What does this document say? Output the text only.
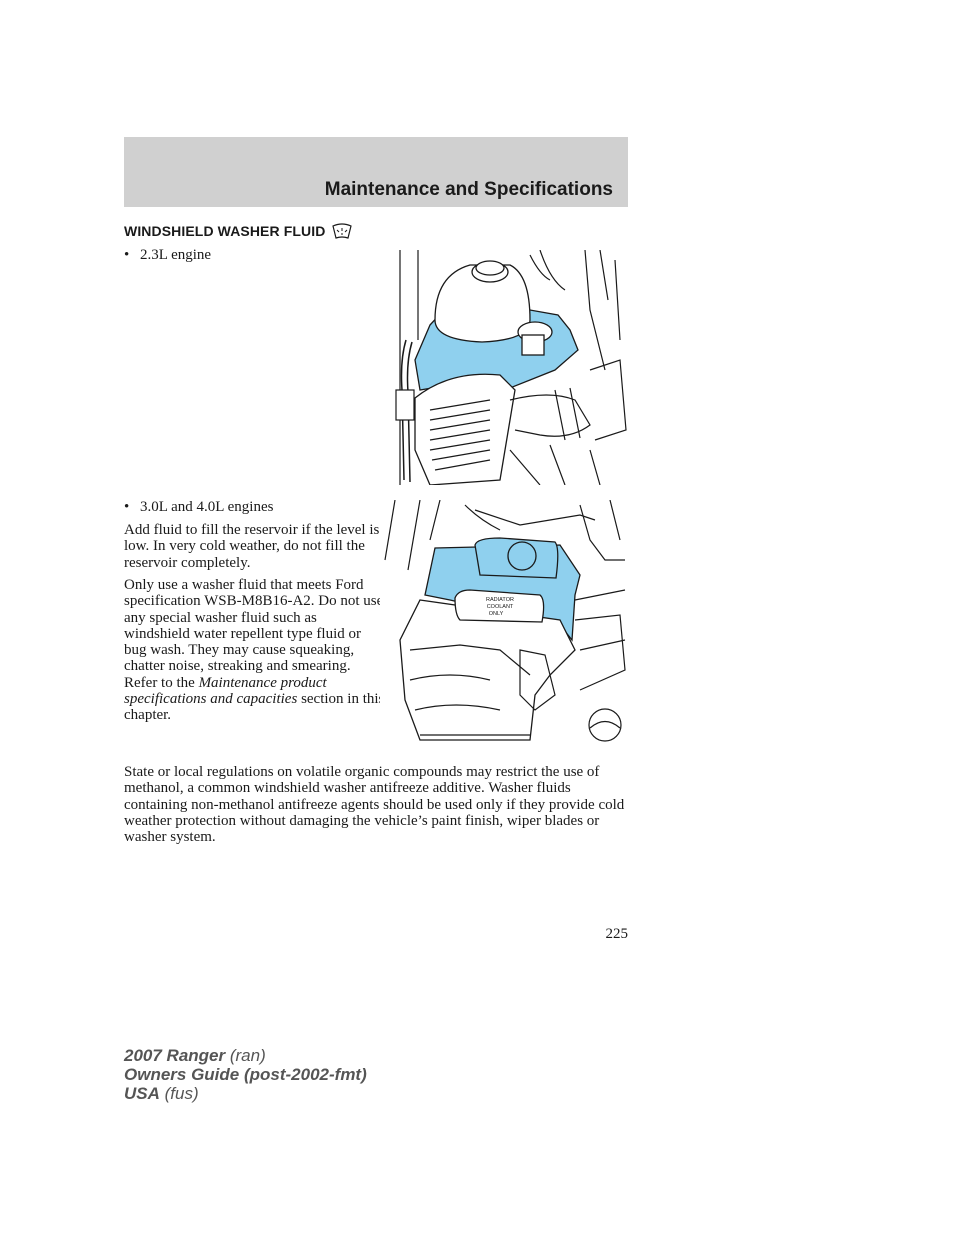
Maintenance and Specifications
WINDSHIELD WASHER FLUID
• 2.3L engine
• 3.0L and 4.0L engines
Add fluid to fill the reservoir if the level is low. In very cold weather, do not fill the reservoir completely.
Only use a washer fluid that meets Ford specification WSB-M8B16-A2. Do not use any special washer fluid such as windshield water repellent type fluid or bug wash. They may cause squeaking, chatter noise, streaking and smearing. Refer to the Maintenance product specifications and capacities section in this chapter.
RADIATOR
COOLANT
ONLY
State or local regulations on volatile organic compounds may restrict the use of methanol, a common windshield washer antifreeze additive. Washer fluids containing non-methanol antifreeze agents should be used only if they provide cold weather protection without damaging the vehicle’s paint finish, wiper blades or washer system.
225
2007 Ranger (ran)
Owners Guide (post-2002-fmt)
USA (fus)
